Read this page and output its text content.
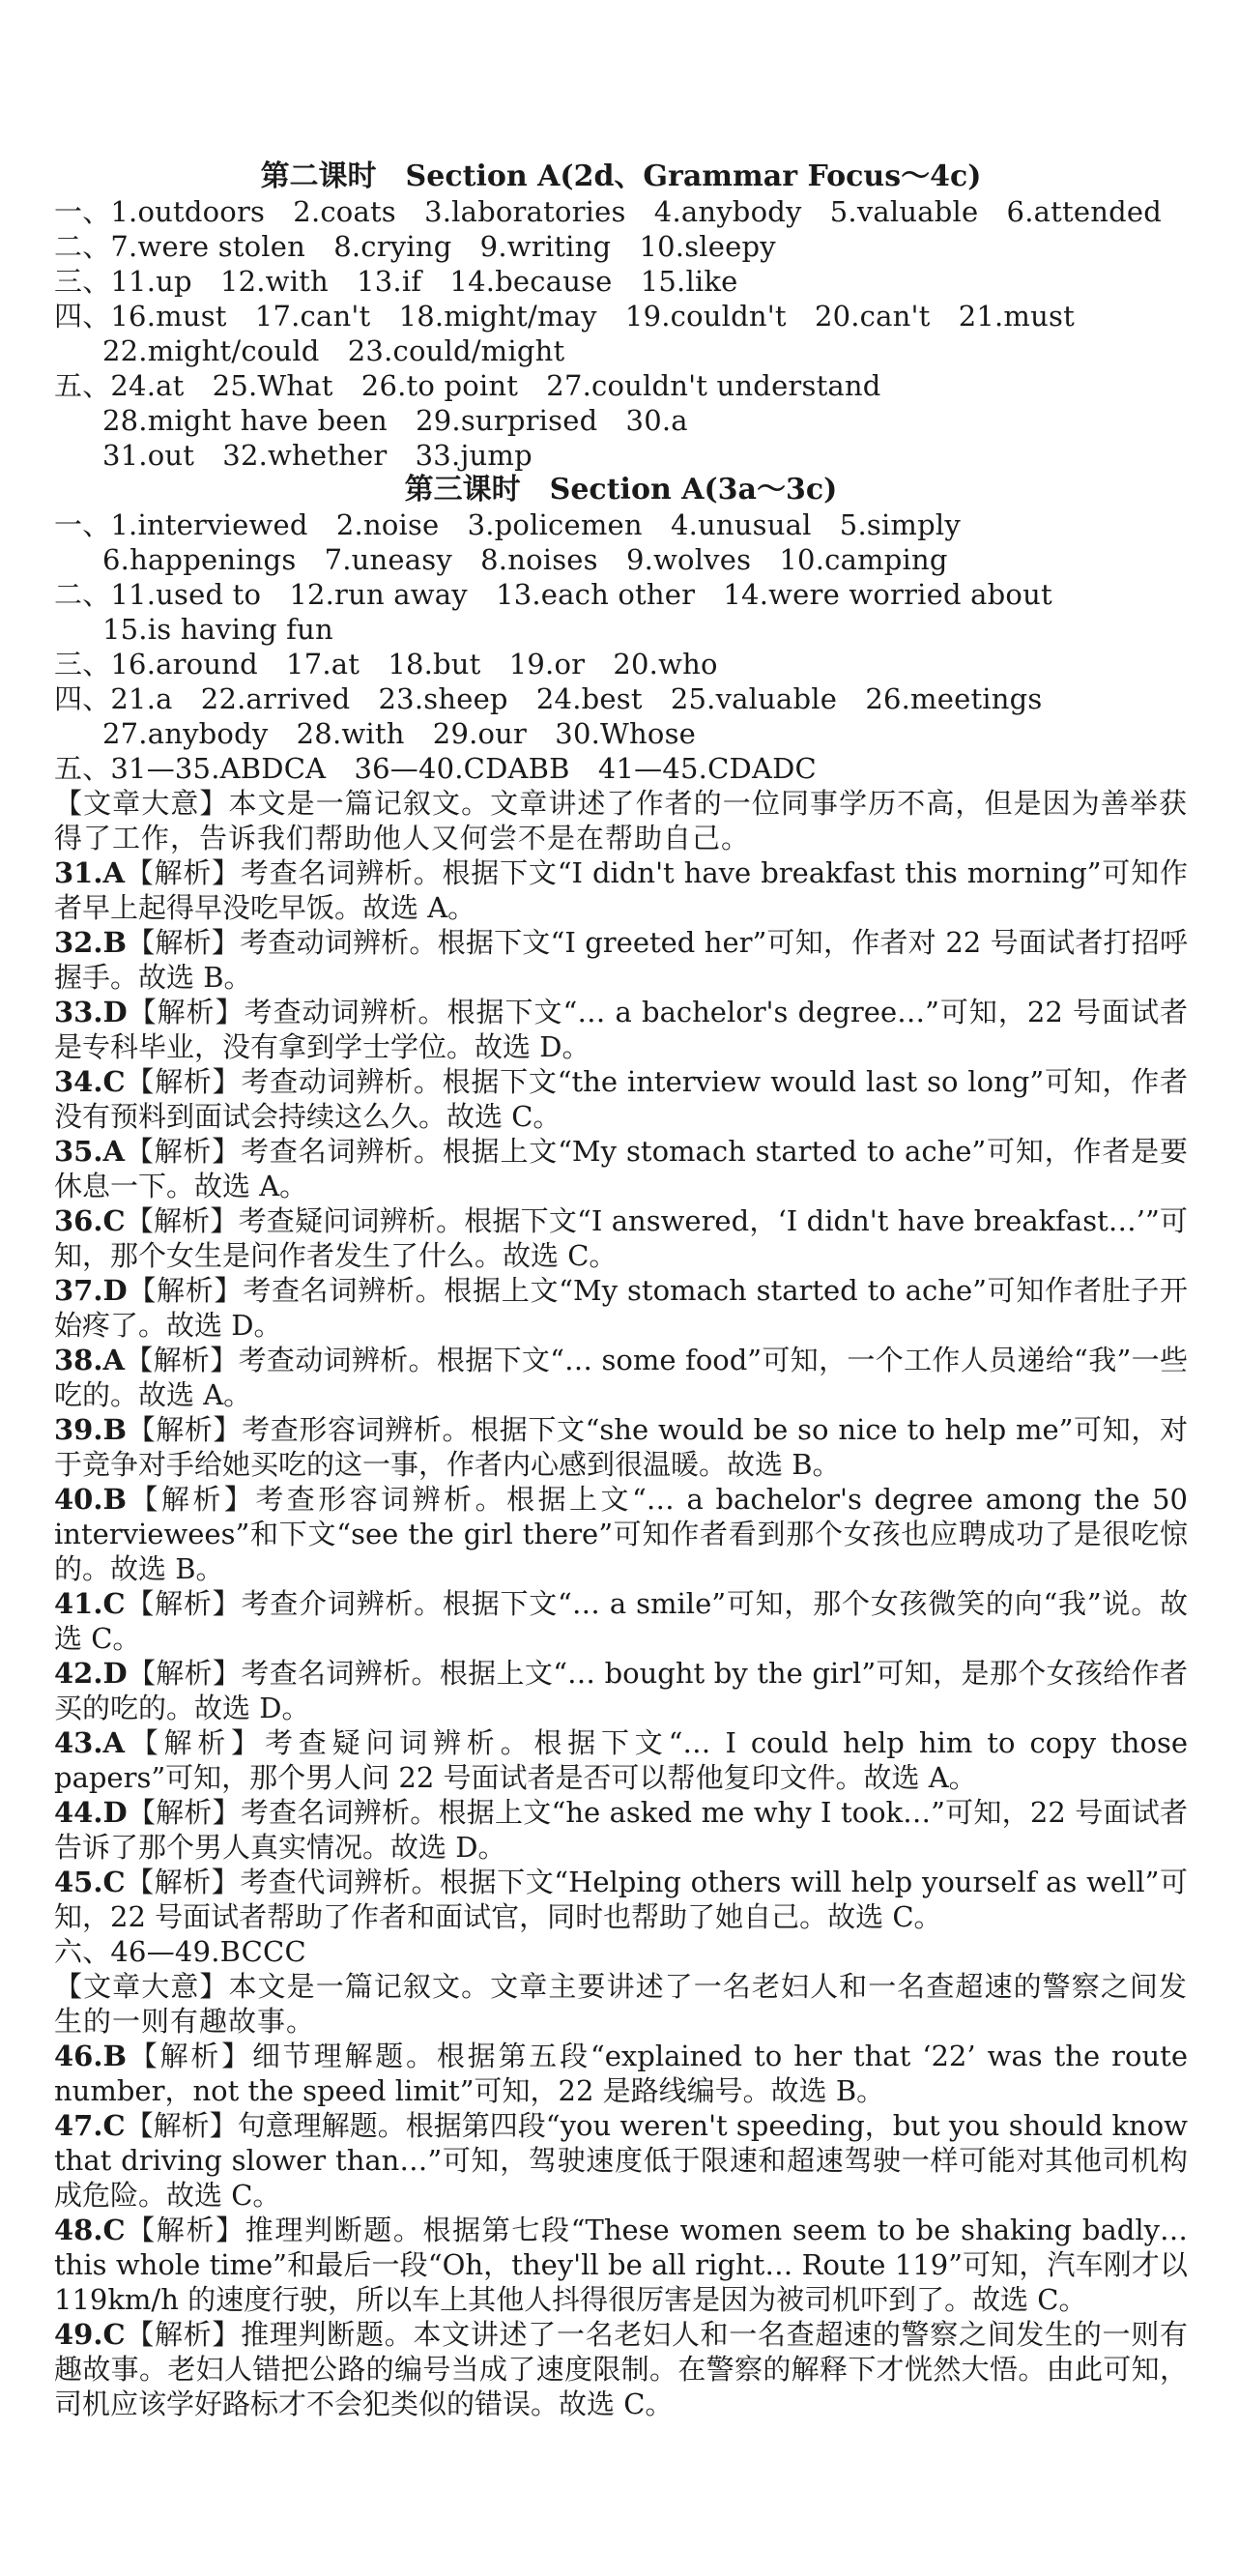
第二课时　Section A(2d、Grammar Focus～4c)
一、1.outdoors　2.coats　3.laboratories　4.anybody　5.valuable　6.attended
二、7.were stolen　8.crying　9.writing　10.sleepy
三、11.up　12.with　13.if　14.because　15.like
四、16.must　17.can't　18.might/may　19.couldn't　20.can't　21.must
22.might/could　23.could/might
五、24.at　25.What　26.to point　27.couldn't understand
28.might have been　29.surprised　30.a
31.out　32.whether　33.jump
第三课时　Section A(3a～3c)
一、1.interviewed　2.noise　3.policemen　4.unusual　5.simply
6.happenings　7.uneasy　8.noises　9.wolves　10.camping
二、11.used to　12.run away　13.each other　14.were worried about
15.is having fun
三、16.around　17.at　18.but　19.or　20.who
四、21.a　22.arrived　23.sheep　24.best　25.valuable　26.meetings
27.anybody　28.with　29.our　30.Whose
五、31—35.ABDCA　36—40.CDABB　41—45.CDADC

【文章大意】本文是一篇记叙文。文章讲述了作者的一位同事学历不高，但是因为善举获得了工作，告诉我们帮助他人又何尝不是在帮助自己。

31.A【解析】考查名词辨析。根据下文“I didn't have breakfast this morning”可知作者早上起得早没吃早饭。故选 A。

32.B【解析】考查动词辨析。根据下文“I greeted her”可知，作者对 22 号面试者打招呼握手。故选 B。

33.D【解析】考查动词辨析。根据下文“… a bachelor's degree…”可知，22 号面试者是专科毕业，没有拿到学士学位。故选 D。

34.C【解析】考查动词辨析。根据下文“the interview would last so long”可知，作者没有预料到面试会持续这么久。故选 C。

35.A【解析】考查名词辨析。根据上文“My stomach started to ache”可知，作者是要休息一下。故选 A。

36.C【解析】考查疑问词辨析。根据下文“I answered，‘I didn't have breakfast…’”可知，那个女生是问作者发生了什么。故选 C。

37.D【解析】考查名词辨析。根据上文“My stomach started to ache”可知作者肚子开始疼了。故选 D。

38.A【解析】考查动词辨析。根据下文“… some food”可知，一个工作人员递给“我”一些吃的。故选 A。

39.B【解析】考查形容词辨析。根据下文“she would be so nice to help me”可知，对于竞争对手给她买吃的这一事，作者内心感到很温暖。故选 B。

40.B【解析】考查形容词辨析。根据上文“… a bachelor's degree among the 50 interviewees”和下文“see the girl there”可知作者看到那个女孩也应聘成功了是很吃惊的。故选 B。

41.C【解析】考查介词辨析。根据下文“… a smile”可知，那个女孩微笑的向“我”说。故选 C。

42.D【解析】考查名词辨析。根据上文“… bought by the girl”可知，是那个女孩给作者买的吃的。故选 D。

43.A【解析】考查疑问词辨析。根据下文“… I could help him to copy those papers”可知，那个男人问 22 号面试者是否可以帮他复印文件。故选 A。

44.D【解析】考查名词辨析。根据上文“he asked me why I took…”可知，22 号面试者告诉了那个男人真实情况。故选 D。

45.C【解析】考查代词辨析。根据下文“Helping others will help yourself as well”可知，22 号面试者帮助了作者和面试官，同时也帮助了她自己。故选 C。

六、46—49.BCCC

【文章大意】本文是一篇记叙文。文章主要讲述了一名老妇人和一名查超速的警察之间发生的一则有趣故事。

46.B【解析】细节理解题。根据第五段“explained to her that ‘22’ was the route number，not the speed limit”可知，22 是路线编号。故选 B。

47.C【解析】句意理解题。根据第四段“you weren't speeding，but you should know that driving slower than…”可知，驾驶速度低于限速和超速驾驶一样可能对其他司机构成危险。故选 C。

48.C【解析】推理判断题。根据第七段“These women seem to be shaking badly… this whole time”和最后一段“Oh，they'll be all right… Route 119”可知，汽车刚才以 119km/h 的速度行驶，所以车上其他人抖得很厉害是因为被司机吓到了。故选 C。

49.C【解析】推理判断题。本文讲述了一名老妇人和一名查超速的警察之间发生的一则有趣故事。老妇人错把公路的编号当成了速度限制。在警察的解释下才恍然大悟。由此可知，司机应该学好路标才不会犯类似的错误。故选 C。
